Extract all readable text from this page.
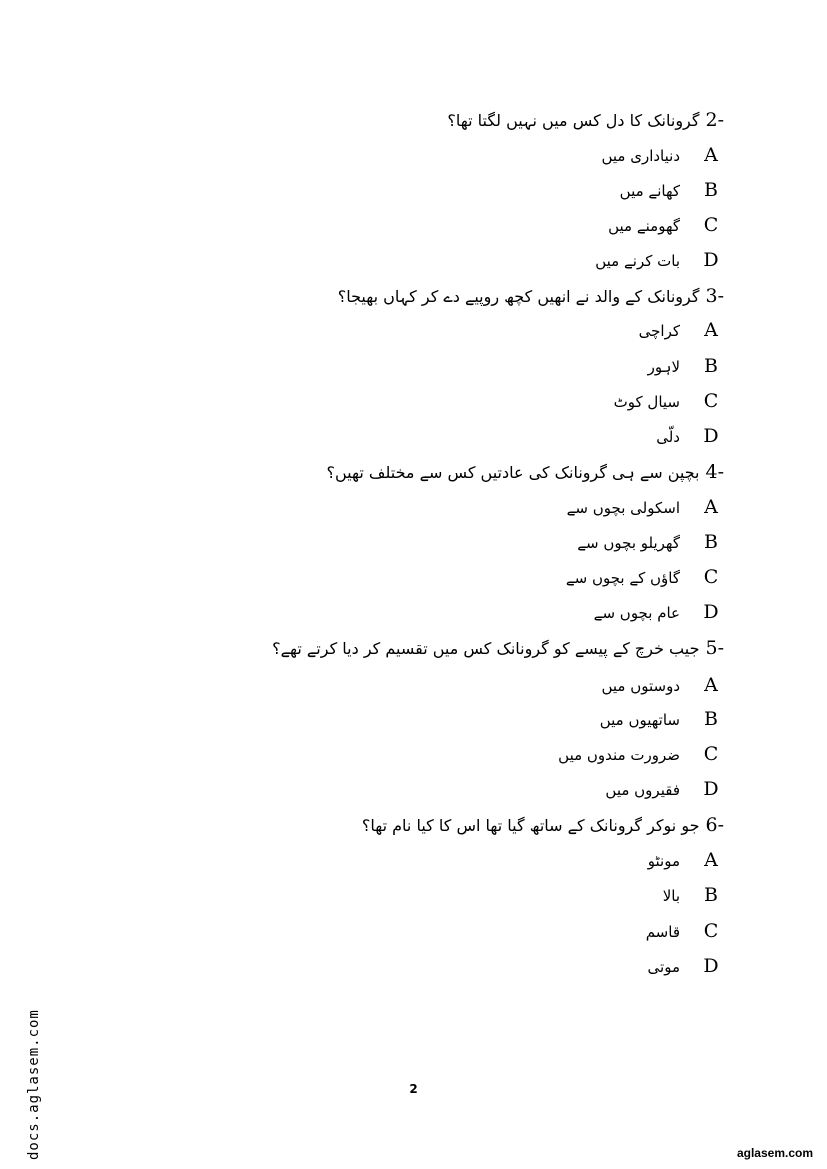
2-گرونانک کا دل کس میں نہیں لگتا تھا؟
Aدنیاداری میں
Bکھانے میں
Cگھومنے میں
Dبات کرنے میں
3-گرونانک کے والد نے انھیں کچھ روپیے دے کر کہاں بھیجا؟
Aکراچی
Bلاہور
Cسیال کوٹ
Dدلّی
4-بچپن سے ہی گرونانک کی عادتیں کس سے مختلف تھیں؟
Aاسکولی بچوں سے
Bگھریلو بچوں سے
Cگاؤں کے بچوں سے
Dعام بچوں سے
5-جیب خرچ کے پیسے کو گرونانک کس میں تقسیم کر دیا کرتے تھے؟
Aدوستوں میں
Bساتھیوں میں
Cضرورت مندوں میں
Dفقیروں میں
6-جو نوکر گرونانک کے ساتھ گیا تھا اس کا کیا نام تھا؟
Aمونٹو
Bبالا
Cقاسم
Dموتی
2
docs.aglasem.com	aglasem.com
